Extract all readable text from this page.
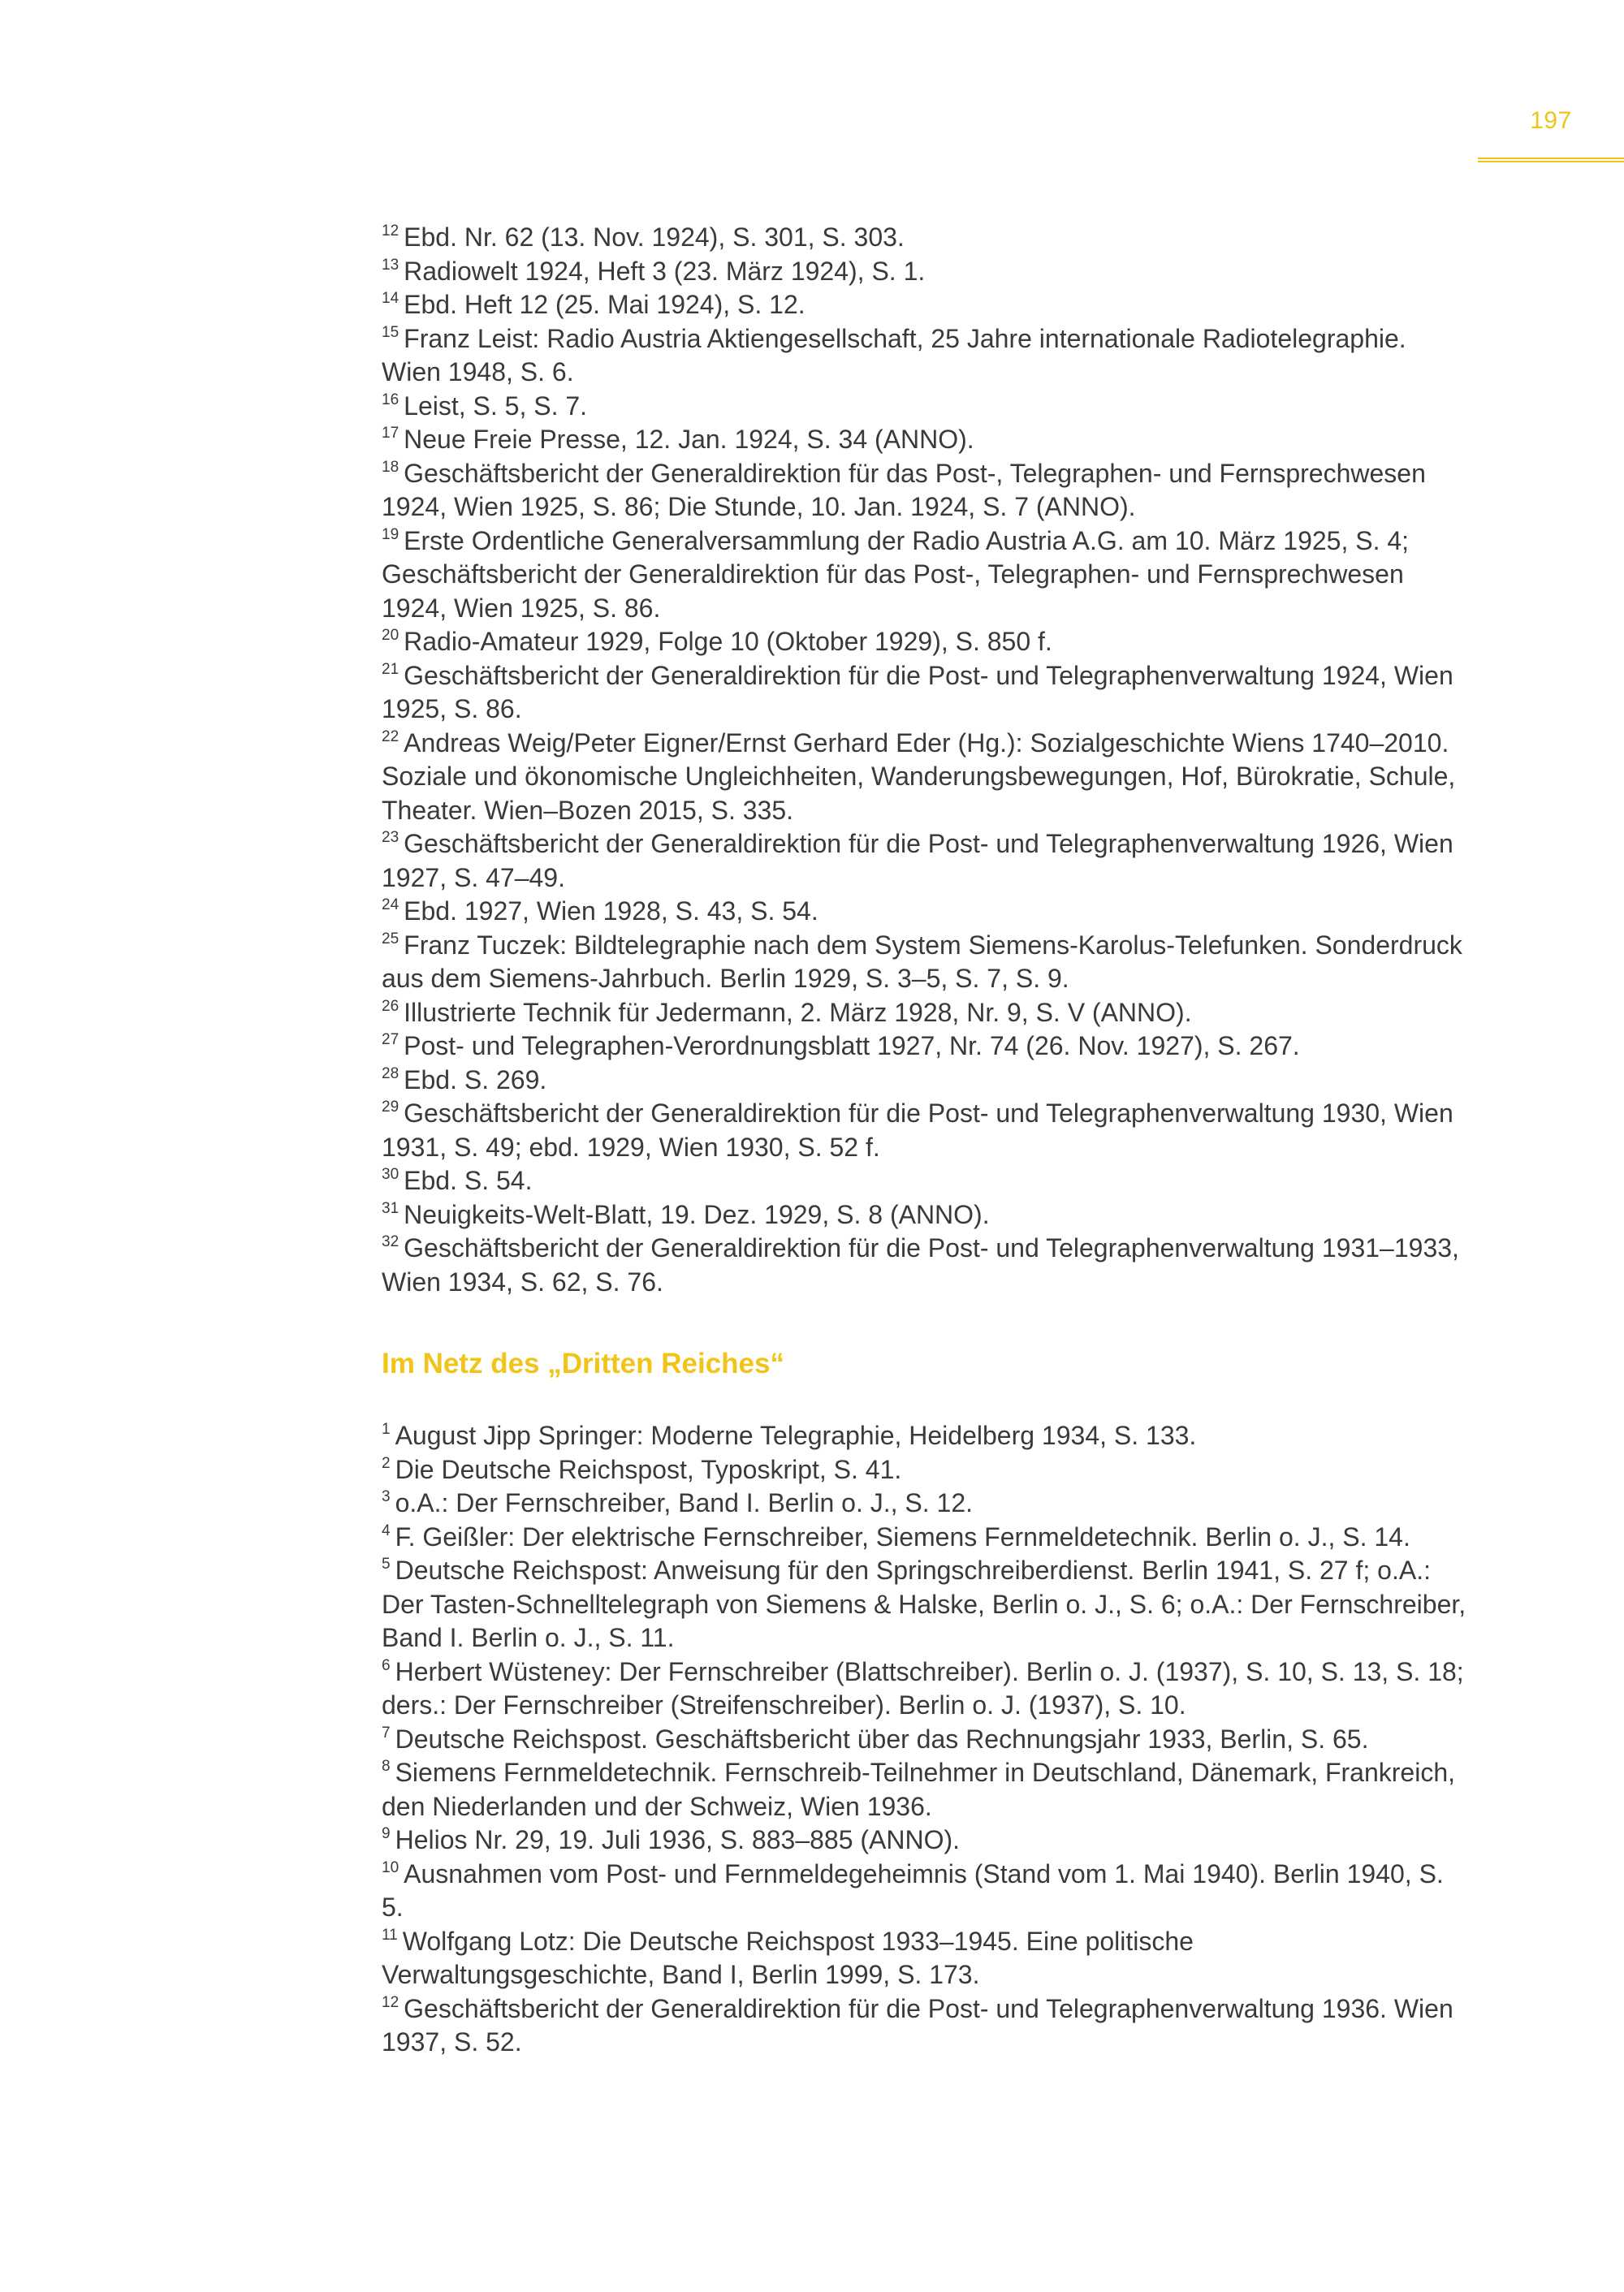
197
$^{12}$ Ebd. Nr. 62 (13. Nov. 1924), S. 301, S. 303.
$^{13}$ Radiowelt 1924, Heft 3 (23. März 1924), S. 1.
$^{14}$ Ebd. Heft 12 (25. Mai 1924), S. 12.
$^{15}$ Franz Leist: Radio Austria Aktiengesellschaft, 25 Jahre internationale Radiotelegraphie. Wien 1948, S. 6.
$^{16}$ Leist, S. 5, S. 7.
$^{17}$ Neue Freie Presse, 12. Jan. 1924, S. 34 (ANNO).
$^{18}$ Geschäftsbericht der Generaldirektion für das Post-, Telegraphen- und Fernsprechwesen 1924, Wien 1925, S. 86; Die Stunde, 10. Jan. 1924, S. 7 (ANNO).
$^{19}$ Erste Ordentliche Generalversammlung der Radio Austria A.G. am 10. März 1925, S. 4; Geschäftsbericht der Generaldirektion für das Post-, Telegraphen- und Fernsprechwesen 1924, Wien 1925, S. 86.
$^{20}$ Radio-Amateur 1929, Folge 10 (Oktober 1929), S. 850 f.
$^{21}$ Geschäftsbericht der Generaldirektion für die Post- und Telegraphenverwaltung 1924, Wien 1925, S. 86.
$^{22}$ Andreas Weig/Peter Eigner/Ernst Gerhard Eder (Hg.): Sozialgeschichte Wiens 1740–2010. Soziale und ökonomische Ungleichheiten, Wanderungsbewegungen, Hof, Bürokratie, Schule, Theater. Wien–Bozen 2015, S. 335.
$^{23}$ Geschäftsbericht der Generaldirektion für die Post- und Telegraphenverwaltung 1926, Wien 1927, S. 47–49.
$^{24}$ Ebd. 1927, Wien 1928, S. 43, S. 54.
$^{25}$ Franz Tuczek: Bildtelegraphie nach dem System Siemens-Karolus-Telefunken. Sonderdruck aus dem Siemens-Jahrbuch. Berlin 1929, S. 3–5, S. 7, S. 9.
$^{26}$ Illustrierte Technik für Jedermann, 2. März 1928, Nr. 9, S. V (ANNO).
$^{27}$ Post- und Telegraphen-Verordnungsblatt 1927, Nr. 74 (26. Nov. 1927), S. 267.
$^{28}$ Ebd. S. 269.
$^{29}$ Geschäftsbericht der Generaldirektion für die Post- und Telegraphenverwaltung 1930, Wien 1931, S. 49; ebd. 1929, Wien 1930, S. 52 f.
$^{30}$ Ebd. S. 54.
$^{31}$ Neuigkeits-Welt-Blatt, 19. Dez. 1929, S. 8 (ANNO).
$^{32}$ Geschäftsbericht der Generaldirektion für die Post- und Telegraphenverwaltung 1931–1933, Wien 1934, S. 62, S. 76.
Im Netz des „Dritten Reiches“
$^1$ August Jipp Springer: Moderne Telegraphie, Heidelberg 1934, S. 133.
$^2$ Die Deutsche Reichspost, Typoskript, S. 41.
$^3$ o.A.: Der Fernschreiber, Band I. Berlin o. J., S. 12.
$^4$ F. Geißler: Der elektrische Fernschreiber, Siemens Fernmeldetechnik. Berlin o. J., S. 14.
$^5$ Deutsche Reichspost: Anweisung für den Springschreiberdienst. Berlin 1941, S. 27 f; o.A.: Der Tasten-Schnelltelegraph von Siemens & Halske, Berlin o. J., S. 6; o.A.: Der Fernschreiber, Band I. Berlin o. J., S. 11.
$^6$ Herbert Wüsteney: Der Fernschreiber (Blattschreiber). Berlin o. J. (1937), S. 10, S. 13, S. 18; ders.: Der Fernschreiber (Streifenschreiber). Berlin o. J. (1937), S. 10.
$^7$ Deutsche Reichspost. Geschäftsbericht über das Rechnungsjahr 1933, Berlin, S. 65.
$^8$ Siemens Fernmeldetechnik. Fernschreib-Teilnehmer in Deutschland, Dänemark, Frankreich, den Niederlanden und der Schweiz, Wien 1936.
$^9$ Helios Nr. 29, 19. Juli 1936, S. 883–885 (ANNO).
$^{10}$ Ausnahmen vom Post- und Fernmeldegeheimnis (Stand vom 1. Mai 1940). Berlin 1940, S. 5.
$^{11}$ Wolfgang Lotz: Die Deutsche Reichspost 1933–1945. Eine politische Verwaltungsgeschichte, Band I, Berlin 1999, S. 173.
$^{12}$ Geschäftsbericht der Generaldirektion für die Post- und Telegraphenverwaltung 1936. Wien 1937, S. 52.
